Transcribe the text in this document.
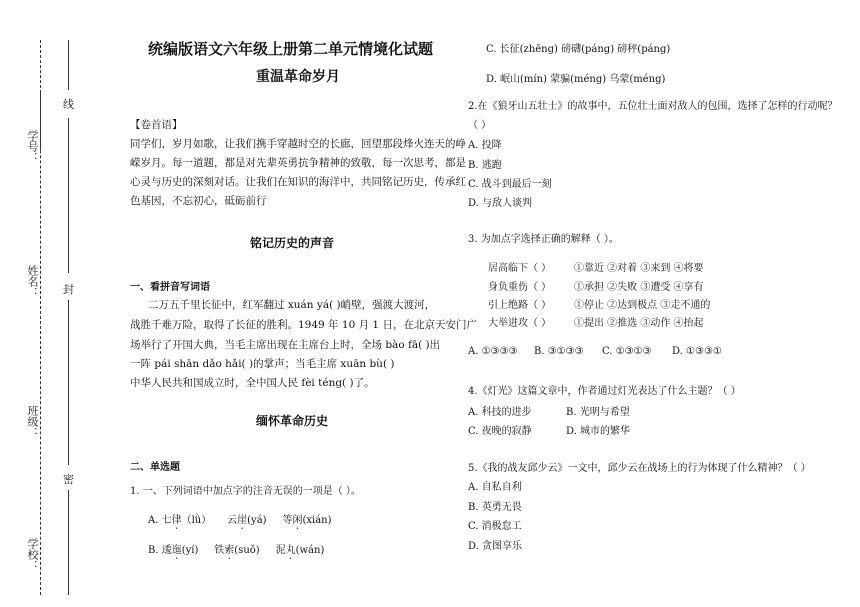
学号：
姓名：
班级：
学校：
线
封
密
统编版语文六年级上册第二单元情境化试题
重温革命岁月
【卷首语】
同学们，岁月如歌，让我们携手穿越时空的长廊，回望那段烽火连天的峥
嵘岁月。每一道题，都是对先辈英勇抗争精神的致敬，每一次思考，都是
心灵与历史的深刻对话。让我们在知识的海洋中，共同铭记历史，传承红
色基因，不忘初心，砥砺前行
铭记历史的声音
一、看拼音写词语
二万五千里长征中，红军翻过 xuán yá( )峭壁，强渡大渡河，
战胜千难万险，取得了长征的胜利。1949 年 10 月 1 日，在北京天安门广
场举行了开国大典，当毛主席出现在主席台上时，全场 bào fā( )出
一阵 pái shān dǎo hǎi( )的掌声；当毛主席 xuān bù( )
中华人民共和国成立时，全中国人民 fèi téng( )了。
缅怀革命历史
二、单选题
1. 一、下列词语中加点字的注音无误的一项是（ ）。
A. 七律（lǜ） 云崖(yá) 等闲(xián)
B. 逶迤(yí) 铁索(suǒ) 泥丸(wán)
C. 长征(zhēng) 磅礴(páng) 磅秤(páng)
D. 岷山(mín) 蒙骗(méng) 乌蒙(méng)
2.在《狼牙山五壮士》的故事中，五位壮士面对敌人的包围，选择了怎样的行动呢？
（ ）
A. 投降
B. 逃跑
C. 战斗到最后一刻
D. 与敌人谈判
3. 为加点字选择正确的解释（ ）。
居高临下（ ） ①靠近 ②对着 ③来到 ④将要
身负重伤（ ） ①承担 ②失败 ③遭受 ④享有
引上绝路（ ） ①停止 ②达到极点 ③走不通的
大举进攻（ ） ①提出 ②推选 ③动作 ④抬起
A. ①③③③ B. ③①③③ C. ①③①③ D. ①③③①
4.《灯光》这篇文章中，作者通过灯光表达了什么主题？（ ）
A. 科技的进步	B. 光明与希望
C. 夜晚的寂静	D. 城市的繁华
5.《我的战友邱少云》一文中，邱少云在战场上的行为体现了什么精神？（ ）
A. 自私自利
B. 英勇无畏
C. 消极怠工
D. 贪图享乐
